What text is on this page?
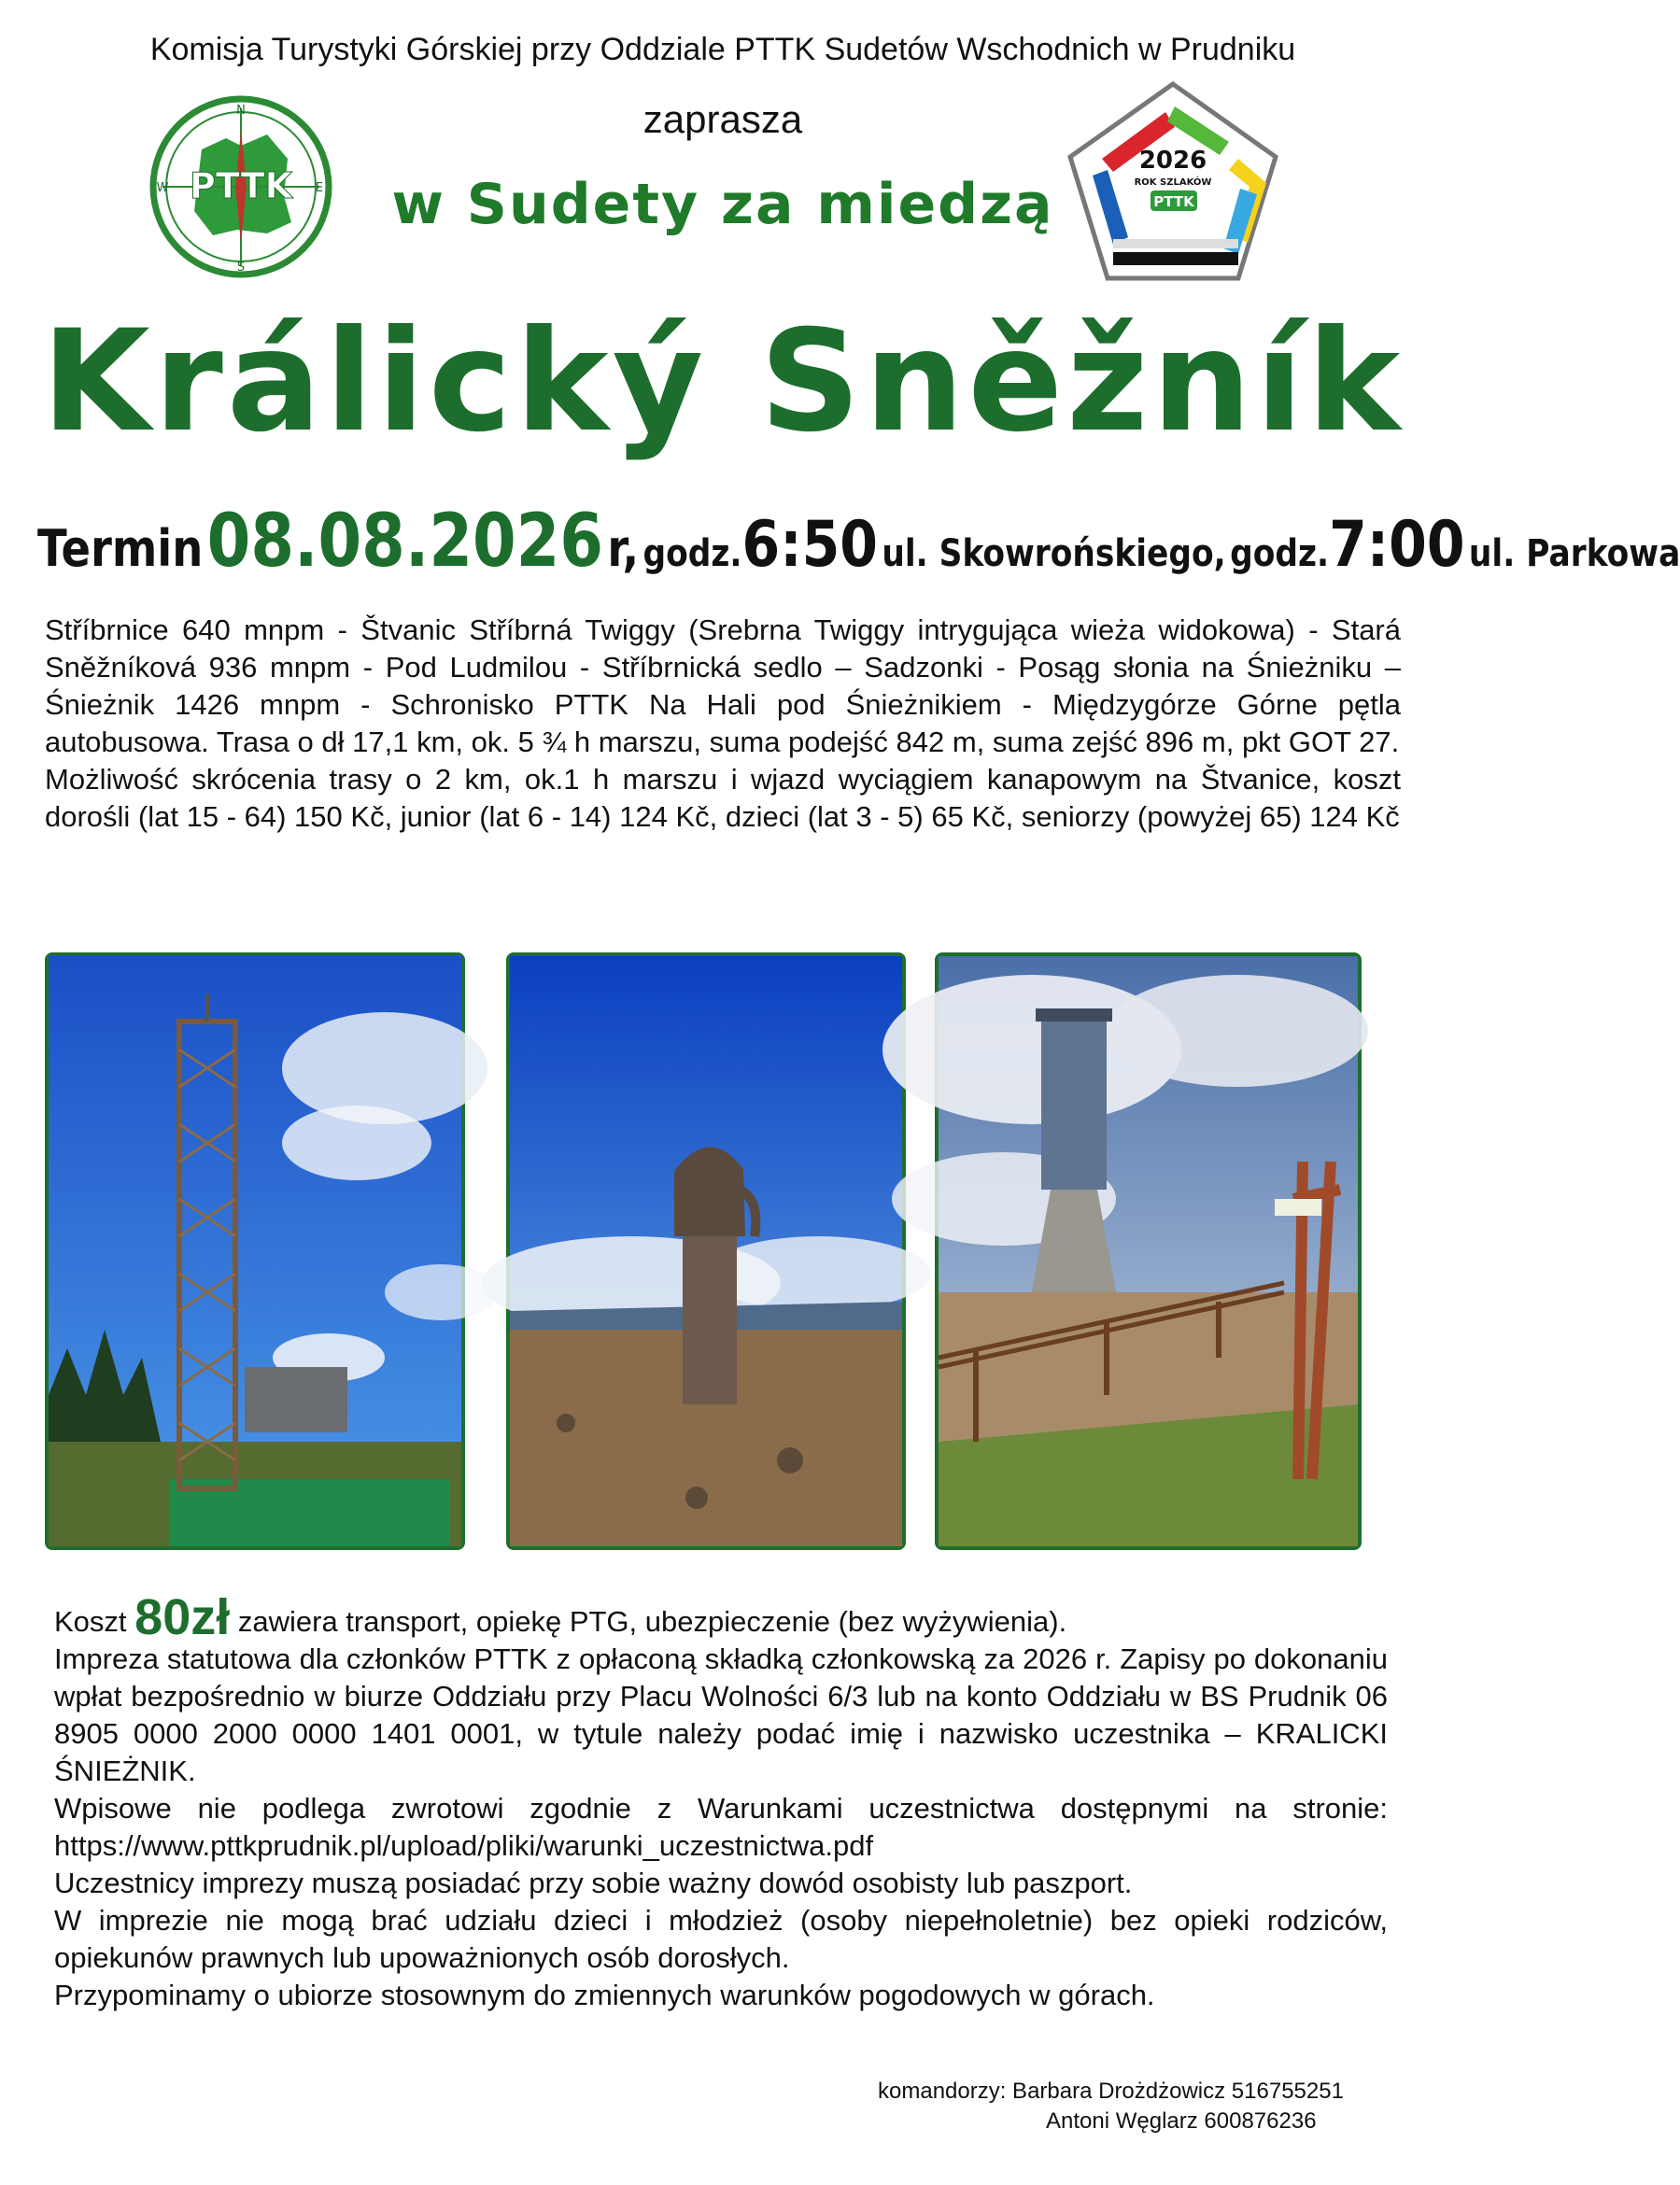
Komisja Turystyki Górskiej przy Oddziale PTTK Sudetów Wschodnich w Prudniku
PTTK
N
E
S
W
zaprasza
w Sudety za miedzą
2026
ROK SZLAKÓW
PTTK
Králický Sněžník
Termin 08.08.2026 r, godz.6:50 ul. Skowrońskiego, godz.7:00 ul. Parkowa

Stříbrnice 640 mnpm - Štvanic Stříbrná Twiggy (Srebrna Twiggy intrygująca wieża widokowa) - Stará Sněžníková 936 mnpm - Pod Ludmilou - Stříbrnická sedlo – Sadzonki - Posąg słonia na Śnieżniku – Śnieżnik 1426 mnpm - Schronisko PTTK Na Hali pod Śnieżnikiem - Międzygórze Górne pętla autobusowa. Trasa o dł 17,1 km, ok. 5 ¾ h marszu, suma podejść 842 m, suma zejść 896 m, pkt GOT 27.

Możliwość skrócenia trasy o 2 km, ok.1 h marszu i wjazd wyciągiem kanapowym na Štvanice, koszt dorośli (lat 15 - 64) 150 Kč, junior (lat 6 - 14) 124 Kč, dzieci (lat 3 - 5) 65 Kč, seniorzy (powyżej 65) 124 Kč

Koszt 80zł zawiera transport, opiekę PTG, ubezpieczenie (bez wyżywienia).

Impreza statutowa dla członków PTTK z opłaconą składką członkowską za 2026 r. Zapisy po dokonaniu wpłat bezpośrednio w biurze Oddziału przy Placu Wolności 6/3 lub na konto Oddziału w BS Prudnik 06 8905 0000 2000 0000 1401 0001, w tytule należy podać imię i nazwisko uczestnika – KRALICKI ŚNIEŻNIK.

Wpisowe nie podlega zwrotowi zgodnie z Warunkami uczestnictwa dostępnymi na stronie: https://www.pttkprudnik.pl/upload/pliki/warunki_uczestnictwa.pdf

Uczestnicy imprezy muszą posiadać przy sobie ważny dowód osobisty lub paszport.

W imprezie nie mogą brać udziału dzieci i młodzież (osoby niepełnoletnie) bez opieki rodziców, opiekunów prawnych lub upoważnionych osób dorosłych.

Przypominamy o ubiorze stosownym do zmiennych warunków pogodowych w górach.

komandorzy: Barbara Drożdżowicz 516755251
Antoni Węglarz 600876236
